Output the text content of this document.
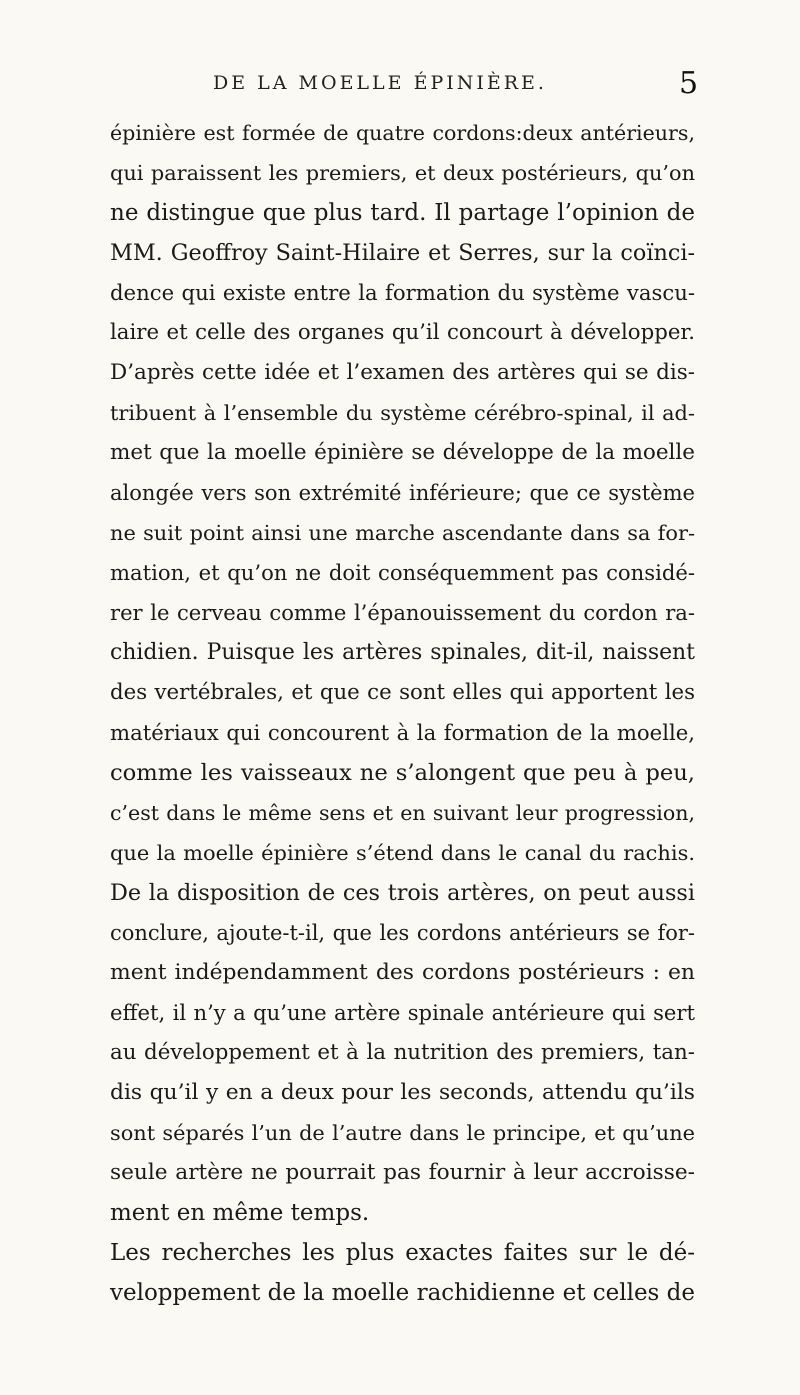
DE LA MOELLE ÉPINIÈRE.	5
épinière est formée de quatre cordons:deux antérieurs,
qui paraissent les premiers, et deux postérieurs, qu’on
ne distingue que plus tard. Il partage l’opinion de
MM. Geoffroy Saint-Hilaire et Serres, sur la coïnci-
dence qui existe entre la formation du système vascu-
laire et celle des organes qu’il concourt à développer.
D’après cette idée et l’examen des artères qui se dis-
tribuent à l’ensemble du système cérébro-spinal, il ad-
met que la moelle épinière se développe de la moelle
alongée vers son extrémité inférieure; que ce système
ne suit point ainsi une marche ascendante dans sa for-
mation, et qu’on ne doit conséquemment pas considé-
rer le cerveau comme l’épanouissement du cordon ra-
chidien. Puisque les artères spinales, dit-il, naissent
des vertébrales, et que ce sont elles qui apportent les
matériaux qui concourent à la formation de la moelle,
comme les vaisseaux ne s’alongent que peu à peu,
c’est dans le même sens et en suivant leur progression,
que la moelle épinière s’étend dans le canal du rachis.
De la disposition de ces trois artères, on peut aussi
conclure, ajoute-t-il, que les cordons antérieurs se for-
ment indépendamment des cordons postérieurs : en
effet, il n’y a qu’une artère spinale antérieure qui sert
au développement et à la nutrition des premiers, tan-
dis qu’il y en a deux pour les seconds, attendu qu’ils
sont séparés l’un de l’autre dans le principe, et qu’une
seule artère ne pourrait pas fournir à leur accroisse-
ment en même temps.
Les recherches les plus exactes faites sur le dé-
veloppement de la moelle rachidienne et celles de
